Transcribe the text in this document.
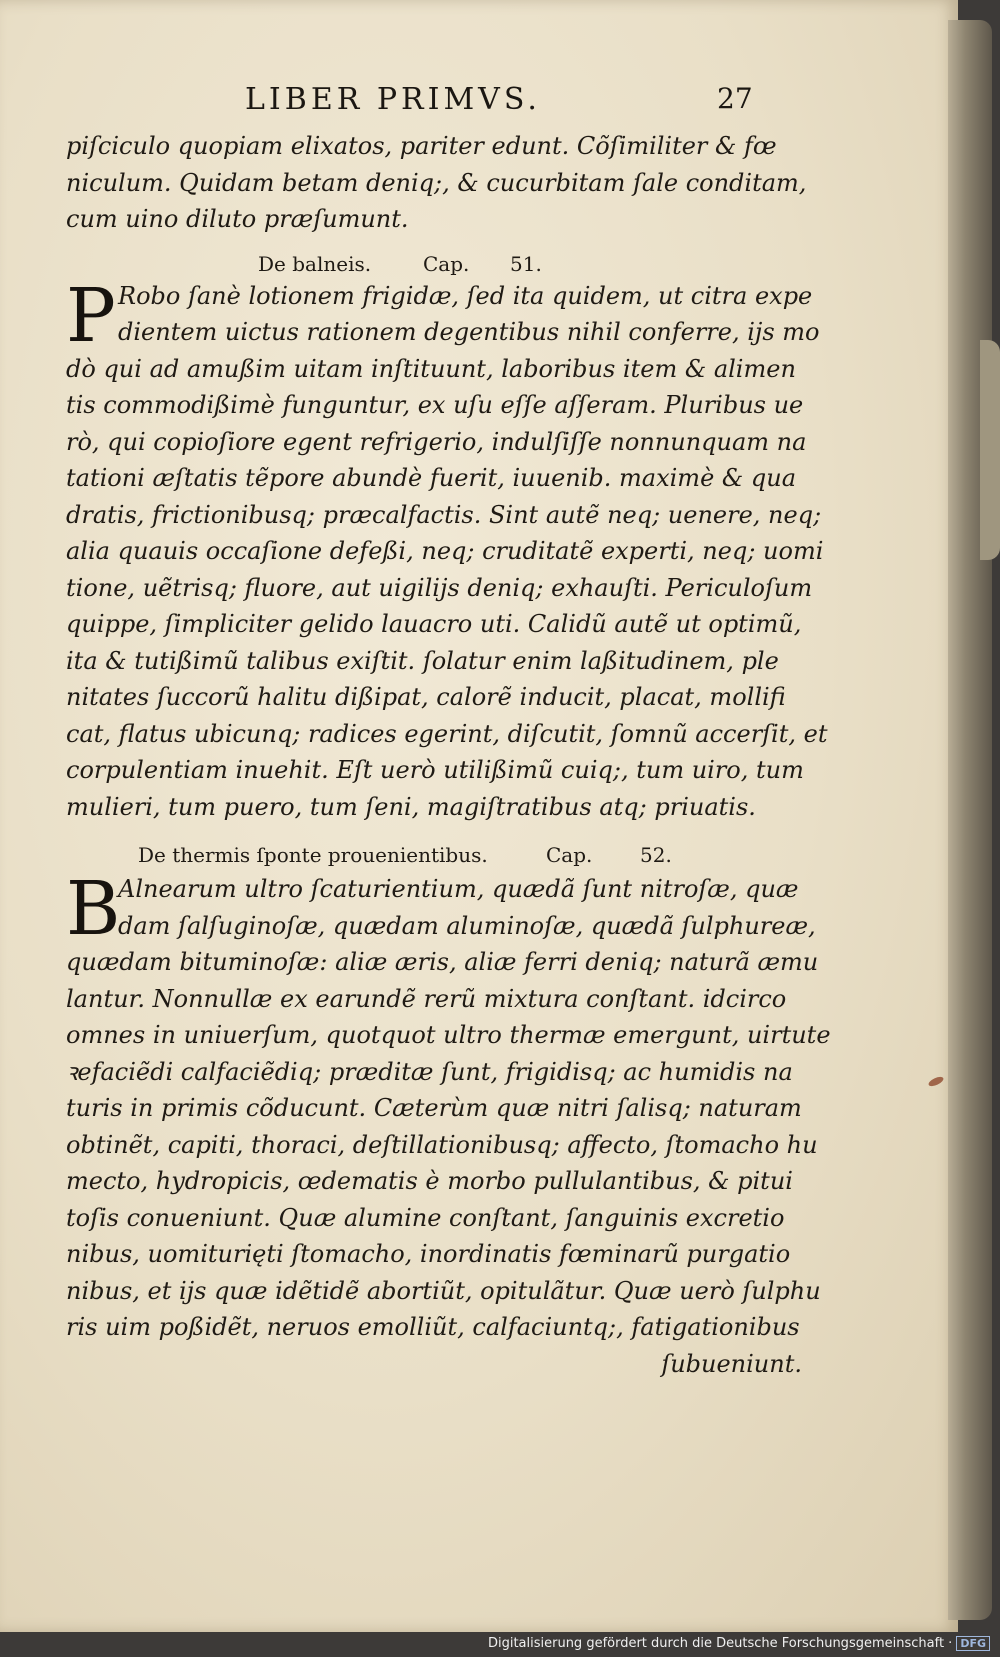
LIBER PRIMVS.	27
piſciculo quopiam elixatos, pariter edunt. Cõſimiliter & fœ
niculum. Quidam betam deniq;, & cucurbitam ſale conditam,
cum uino diluto præſumunt.
De balneis.	Cap. 51.
P Robo ſanè lotionem frigidæ, ſed ita quidem, ut citra expe
dientem uictus rationem degentibus nihil conferre, ijs mo
dò qui ad amußim uitam inſtituunt, laboribus item & alimen
tis commodißimè funguntur, ex uſu eſſe aſſeram. Pluribus ue
rò, qui copioſiore egent refrigerio, indulſiſſe nonnunquam na
tationi æſtatis tẽpore abundè fuerit, iuuenib. maximè & qua
dratis, frictionibusq; præcalfactis. Sint autẽ neq; uenere, neq;
alia quauis occaſione defeßi, neq; cruditatẽ experti, neq; uomi
tione, uẽtrisq; fluore, aut uigilijs deniq; exhauſti. Periculoſum
quippe, ſimpliciter gelido lauacro uti. Calidũ autẽ ut optimũ,
ita & tutißimũ talibus exiſtit. ſolatur enim laßitudinem, ple
nitates ſuccorũ halitu dißipat, calorẽ inducit, placat, mollifi
cat, flatus ubicunq; radices egerint, diſcutit, ſomnũ accerſit, et
corpulentiam inuehit. Eſt uerò utilißimũ cuiq;, tum uiro, tum
mulieri, tum puero, tum ſeni, magiſtratibus atq; priuatis.
De thermis ſponte prouenientibus.	Cap. 52.
B
Alnearum ultro ſcaturientium, quædã ſunt nitroſæ, quæ
dam ſalſuginoſæ, quædam aluminoſæ, quædã ſulphureæ,
quædam bituminoſæ: aliæ æris, aliæ ferri deniq; naturã æmu
lantur. Nonnullæ ex earundẽ rerũ mixtura conſtant. idcirco
omnes in uniuerſum, quotquot ultro thermæ emergunt, uirtute
ꝛefaciẽdi calfaciẽdiq; præditæ ſunt, frigidisq; ac humidis na
turis in primis cõducunt. Cæterùm quæ nitri ſalisq; naturam
obtinẽt, capiti, thoraci, deſtillationibusq; affecto, ſtomacho hu
mecto, hydropicis, œdematis è morbo pullulantibus, & pitui
toſis conueniunt. Quæ alumine conſtant, ſanguinis excretio
nibus, uomiturięti ſtomacho, inordinatis fœminarũ purgatio
nibus, et ijs quæ idẽtidẽ abortiũt, opitulãtur. Quæ uerò ſulphu
ris uim poßidẽt, neruos emolliũt, calfaciuntq;, fatigationibus
ſubueniunt.
Digitalisierung gefördert durch die Deutsche Forschungsgemeinschaft · DFG
